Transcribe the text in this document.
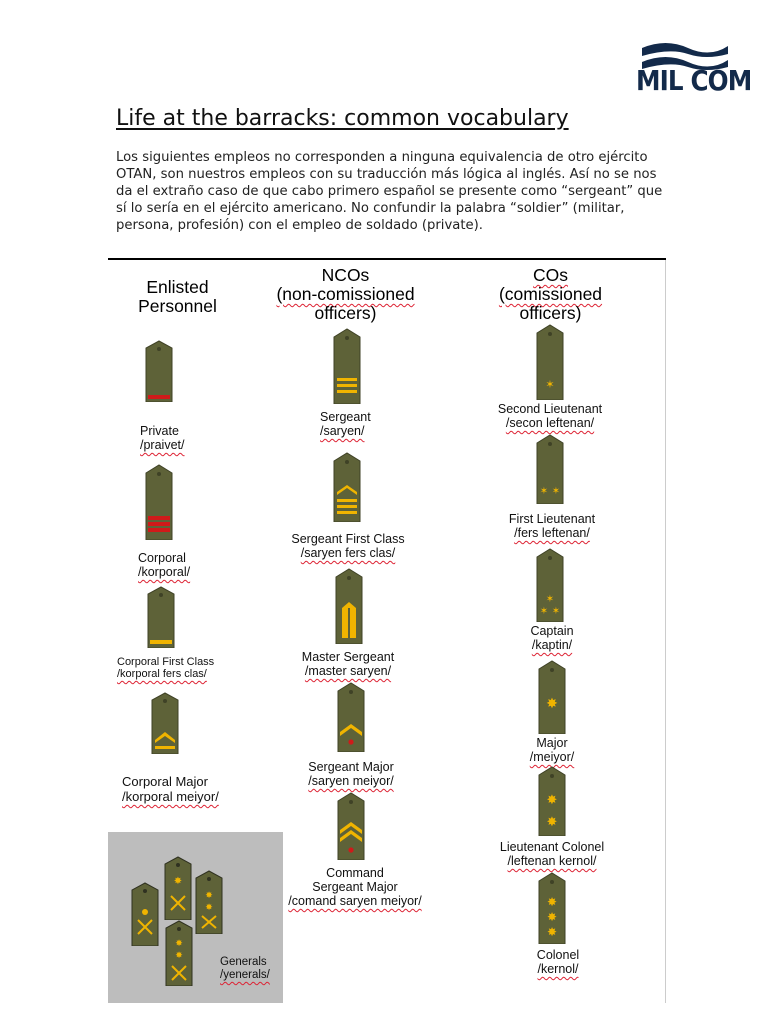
MIL COM
Life at the barracks: common vocabulary

Los siguientes empleos no corresponden a ninguna equivalencia de otro ejército OTAN, son nuestros empleos con su traducción más lógica al inglés. Así no se nos da el extraño caso de que cabo primero español se presente como “sergeant” que sí lo sería en el ejército americano. No confundir la palabra “soldier” (militar, persona, profesión) con el empleo de soldado (private).

Enlisted
Personnel
NCOs
(non-comissioned
officers)
COs
(comissioned
officers)
Private
/praivet/
Corporal
/korporal/
Corporal First Class
/korporal fers clas/
Corporal Major
/korporal meiyor/
Sergeant
/saryen/
Sergeant First Class
/saryen fers clas/
Master Sergeant
/master saryen/
Sergeant Major
/saryen meiyor/
Command
Sergeant Major
/comand saryen meiyor/
✶
Second Lieutenant
/secon leftenan/
✶ ✶
First Lieutenant
/fers leftenan/
✶
✶ ✶
Captain
/kaptin/
✸
Major
/meiyor/
✸
✸
Lieutenant Colonel
/leftenan kernol/
✸
✸
✸
Colonel
/kernol/
✸
✸
✸
✸
✸	Generals
/yenerals/
